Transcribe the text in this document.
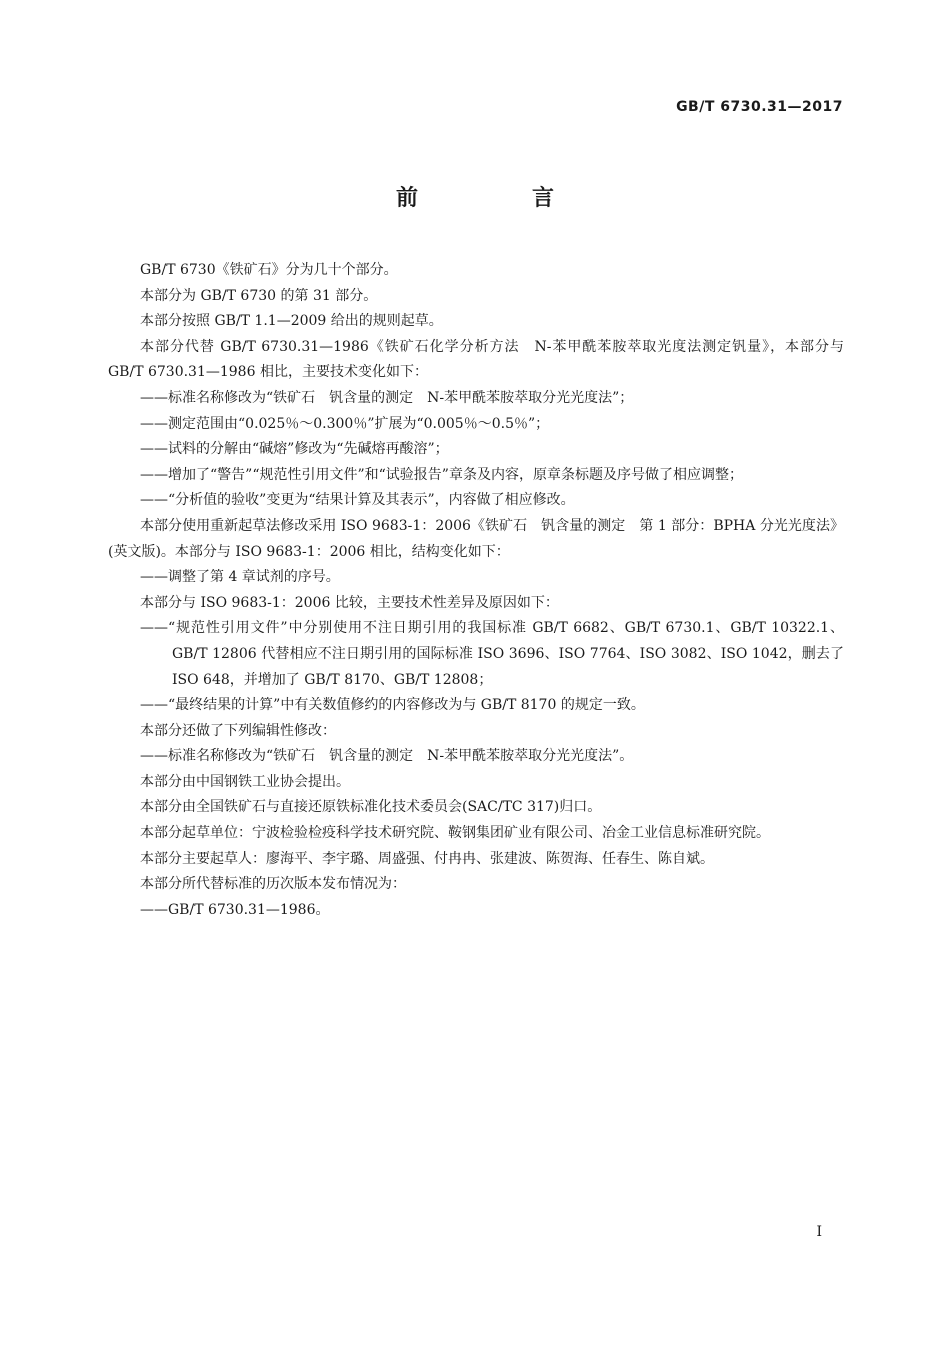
GB/T 6730.31—2017
前　言

GB/T 6730《铁矿石》分为几十个部分。

本部分为 GB/T 6730 的第 31 部分。

本部分按照 GB/T 1.1—2009 给出的规则起草。

本部分代替 GB/T 6730.31—1986《铁矿石化学分析方法　N-苯甲酰苯胺萃取光度法测定钒量》，本部分与 GB/T 6730.31—1986 相比，主要技术变化如下：

——标准名称修改为“铁矿石　钒含量的测定　N-苯甲酰苯胺萃取分光光度法”；

——测定范围由“0.025％～0.300％”扩展为“0.005％～0.5％”；

——试料的分解由“碱熔”修改为“先碱熔再酸溶”；

——增加了“警告”“规范性引用文件”和“试验报告”章条及内容，原章条标题及序号做了相应调整；

——“分析值的验收”变更为“结果计算及其表示”，内容做了相应修改。

本部分使用重新起草法修改采用 ISO 9683-1：2006《铁矿石　钒含量的测定　第 1 部分：BPHA 分光光度法》(英文版)。本部分与 ISO 9683-1：2006 相比，结构变化如下：

——调整了第 4 章试剂的序号。

本部分与 ISO 9683-1：2006 比较，主要技术性差异及原因如下：

——“规范性引用文件”中分别使用不注日期引用的我国标准 GB/T 6682、GB/T 6730.1、GB/T 10322.1、GB/T 12806 代替相应不注日期引用的国际标准 ISO 3696、ISO 7764、ISO 3082、ISO 1042，删去了 ISO 648，并增加了 GB/T 8170、GB/T 12808；

——“最终结果的计算”中有关数值修约的内容修改为与 GB/T 8170 的规定一致。

本部分还做了下列编辑性修改：

——标准名称修改为“铁矿石　钒含量的测定　N-苯甲酰苯胺萃取分光光度法”。

本部分由中国钢铁工业协会提出。

本部分由全国铁矿石与直接还原铁标准化技术委员会(SAC/TC 317)归口。

本部分起草单位：宁波检验检疫科学技术研究院、鞍钢集团矿业有限公司、冶金工业信息标准研究院。

本部分主要起草人：廖海平、李宇璐、周盛强、付冉冉、张建波、陈贺海、任春生、陈自斌。

本部分所代替标准的历次版本发布情况为：

——GB/T 6730.31—1986。

I
